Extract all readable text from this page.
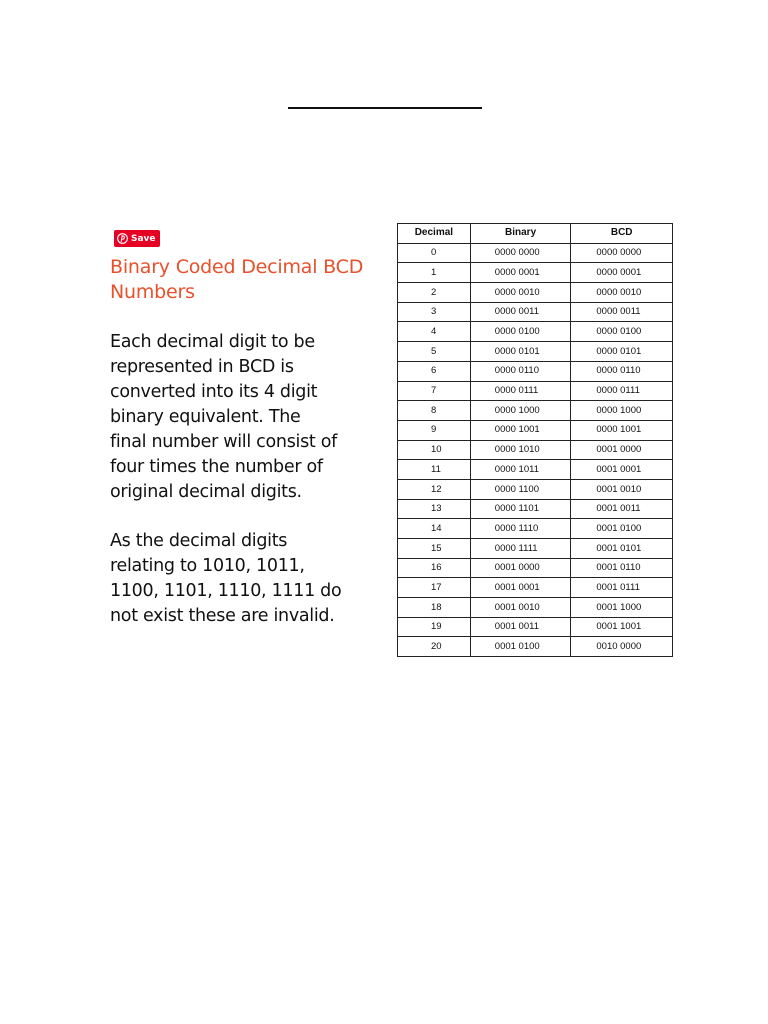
Save
Binary Coded Decimal BCD
Numbers
Each decimal digit to be
represented in BCD is
converted into its 4 digit
binary equivalent. The
final number will consist of
four times the number of
original decimal digits.
As the decimal digits
relating to 1010, 1011,
1100, 1101, 1110, 1111 do
not exist these are invalid.
Decimal	Binary	BCD
0	0000 0000	0000 0000
1	0000 0001	0000 0001
2	0000 0010	0000 0010
3	0000 0011	0000 0011
4	0000 0100	0000 0100
5	0000 0101	0000 0101
6	0000 0110	0000 0110
7	0000 0111	0000 0111
8	0000 1000	0000 1000
9	0000 1001	0000 1001
10	0000 1010	0001 0000
11	0000 1011	0001 0001
12	0000 1100	0001 0010
13	0000 1101	0001 0011
14	0000 1110	0001 0100
15	0000 1111	0001 0101
16	0001 0000	0001 0110
17	0001 0001	0001 0111
18	0001 0010	0001 1000
19	0001 0011	0001 1001
20	0001 0100	0010 0000
